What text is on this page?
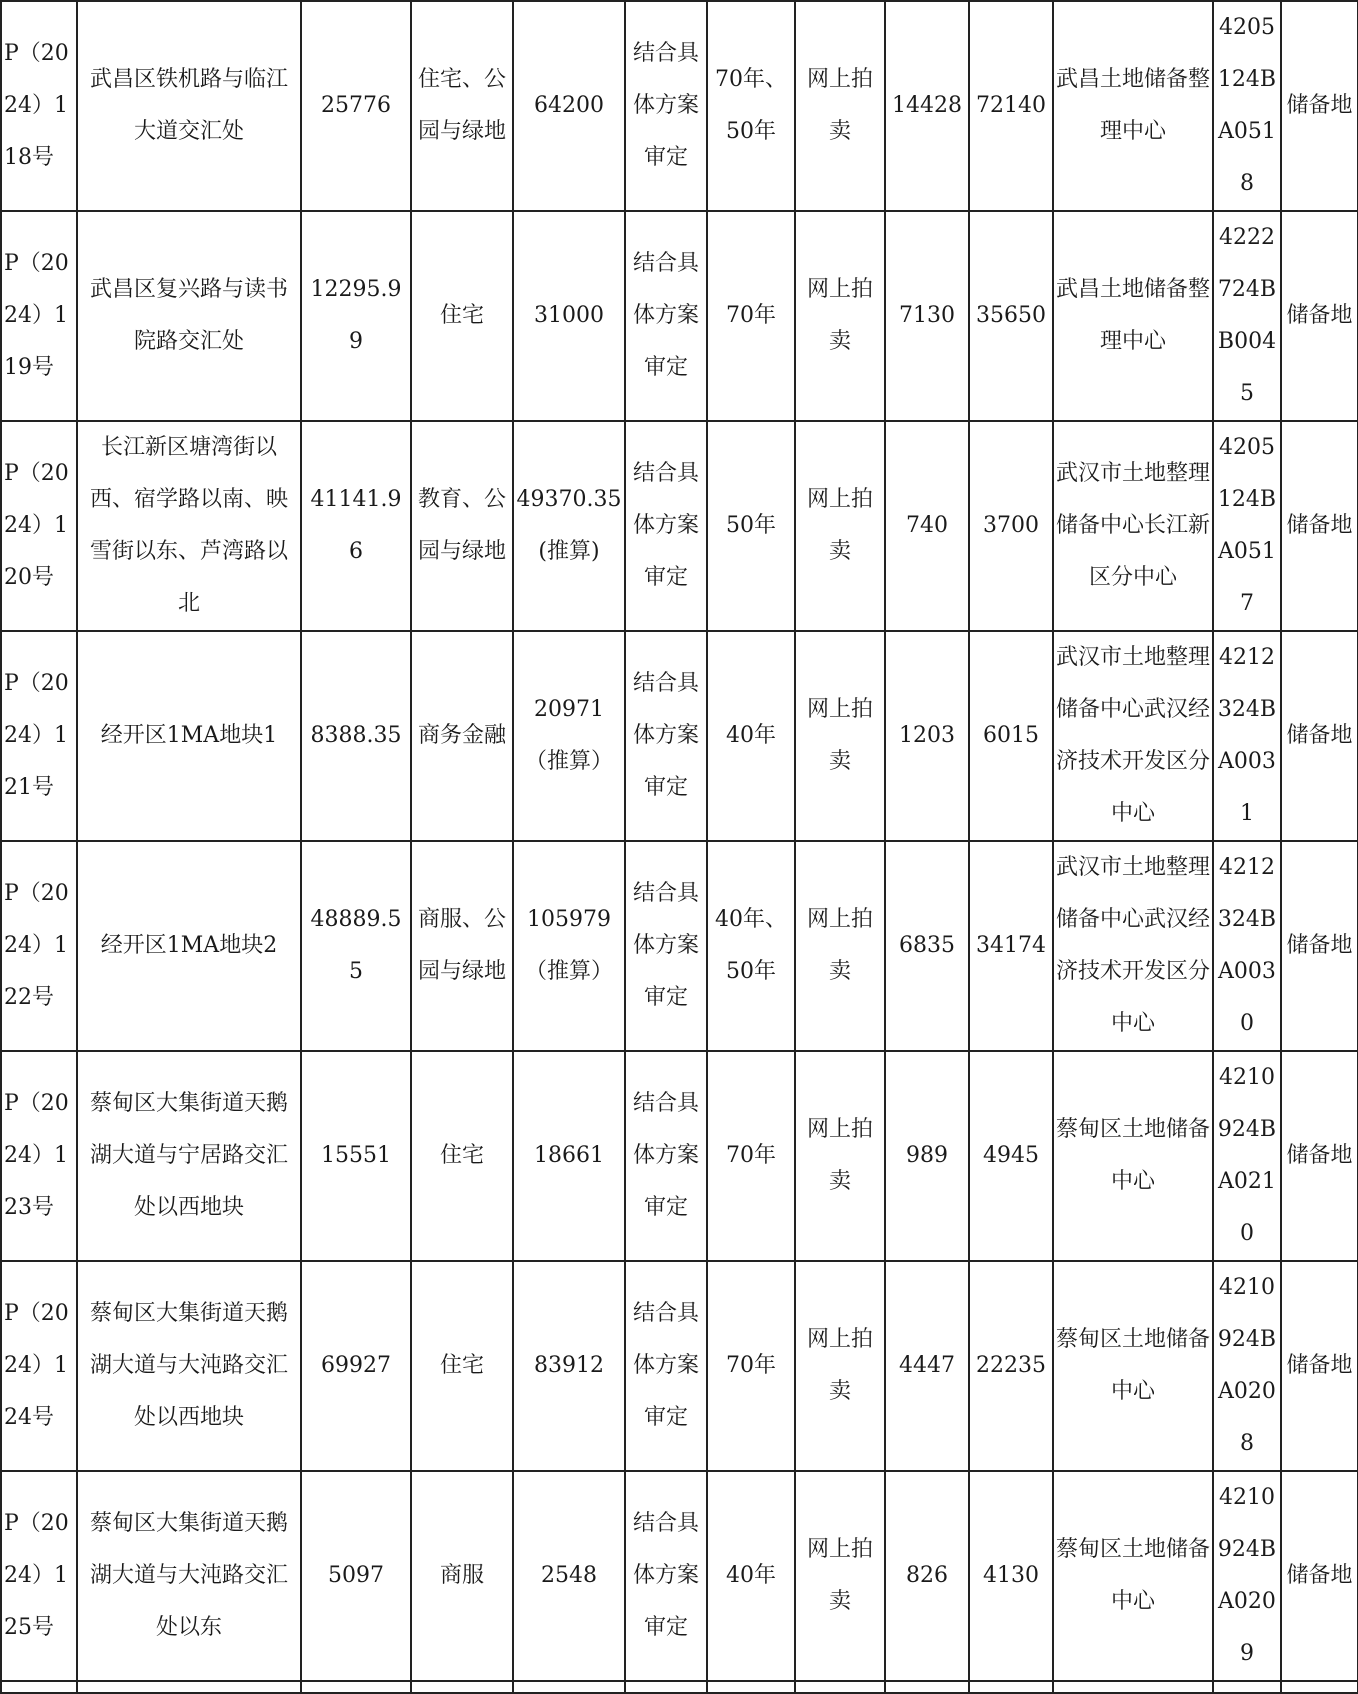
P（2024）118号	武昌区铁机路与临江大道交汇处	25776	住宅、公园与绿地	64200	结合具体方案审定	70年、50年	网上拍卖	14428	72140	武昌土地储备整理中心	4205124BA0518	储备地
P（2024）119号	武昌区复兴路与读书院路交汇处	12295.99	住宅	31000	结合具体方案审定	70年	网上拍卖	7130	35650	武昌土地储备整理中心	4222724BB0045	储备地
P（2024）120号	长江新区塘湾街以西、宿学路以南、映雪街以东、芦湾路以北	41141.96	教育、公园与绿地	49370.35(推算)	结合具体方案审定	50年	网上拍卖	740	3700	武汉市土地整理储备中心长江新区分中心	4205124BA0517	储备地
P（2024）121号	经开区1MA地块1	8388.35	商务金融	20971（推算）	结合具体方案审定	40年	网上拍卖	1203	6015	武汉市土地整理储备中心武汉经济技术开发区分中心	4212324BA0031	储备地
P（2024）122号	经开区1MA地块2	48889.55	商服、公园与绿地	105979（推算）	结合具体方案审定	40年、50年	网上拍卖	6835	34174	武汉市土地整理储备中心武汉经济技术开发区分中心	4212324BA0030	储备地
P（2024）123号	蔡甸区大集街道天鹅湖大道与宁居路交汇处以西地块	15551	住宅	18661	结合具体方案审定	70年	网上拍卖	989	4945	蔡甸区土地储备中心	4210924BA0210	储备地
P（2024）124号	蔡甸区大集街道天鹅湖大道与大沌路交汇处以西地块	69927	住宅	83912	结合具体方案审定	70年	网上拍卖	4447	22235	蔡甸区土地储备中心	4210924BA0208	储备地
P（2024）125号	蔡甸区大集街道天鹅湖大道与大沌路交汇处以东	5097	商服	2548	结合具体方案审定	40年	网上拍卖	826	4130	蔡甸区土地储备中心	4210924BA0209	储备地
